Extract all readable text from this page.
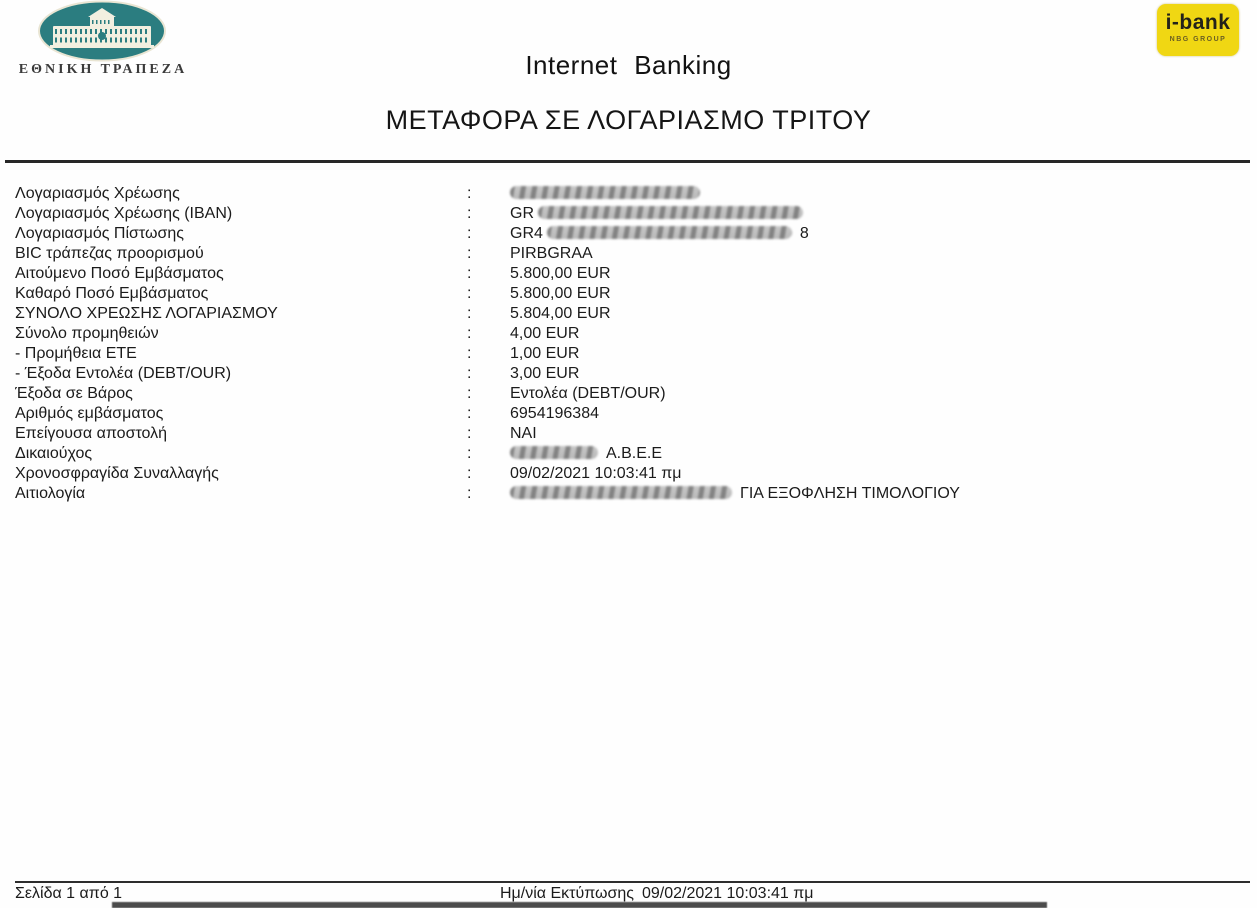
ΕΘΝΙΚΗ ΤΡΑΠΕΖΑ
i-bank
NBG GROUP
Internet Banking
ΜΕΤΑΦΟΡΑ ΣΕ ΛΟΓΑΡΙΑΣΜΟ ΤΡΙΤΟΥ
Λογαριασμός Χρέωσης	:
Λογαριασμός Χρέωσης (IBAN)	:	GR
Λογαριασμός Πίστωσης	:	GR4	8
BIC τράπεζας προορισμού	:	PIRBGRAA
Αιτούμενο Ποσό Εμβάσματος	:	5.800,00 EUR
Καθαρό Ποσό Εμβάσματος	:	5.800,00 EUR
ΣΥΝΟΛΟ ΧΡΕΩΣΗΣ ΛΟΓΑΡΙΑΣΜΟΥ	:	5.804,00 EUR
Σύνολο προμηθειών	:	4,00 EUR
- Προμήθεια ΕΤΕ	:	1,00 EUR
- Έξοδα Εντολέα (DEBT/OUR)	:	3,00 EUR
Έξοδα σε Βάρος	:	Εντολέα (DEBT/OUR)
Αριθμός εμβάσματος	:	6954196384
Επείγουσα αποστολή	:	ΝΑΙ
Δικαιούχος	:	Α.Β.Ε.Ε
Χρονοσφραγίδα Συναλλαγής	:	09/02/2021 10:03:41 πμ
Αιτιολογία	:	ΓΙΑ ΕΞΟΦΛΗΣΗ ΤΙΜΟΛΟΓΙΟΥ
Σελίδα 1 από 1	Ημ/νία Εκτύπωσης 09/02/2021 10:03:41 πμ
